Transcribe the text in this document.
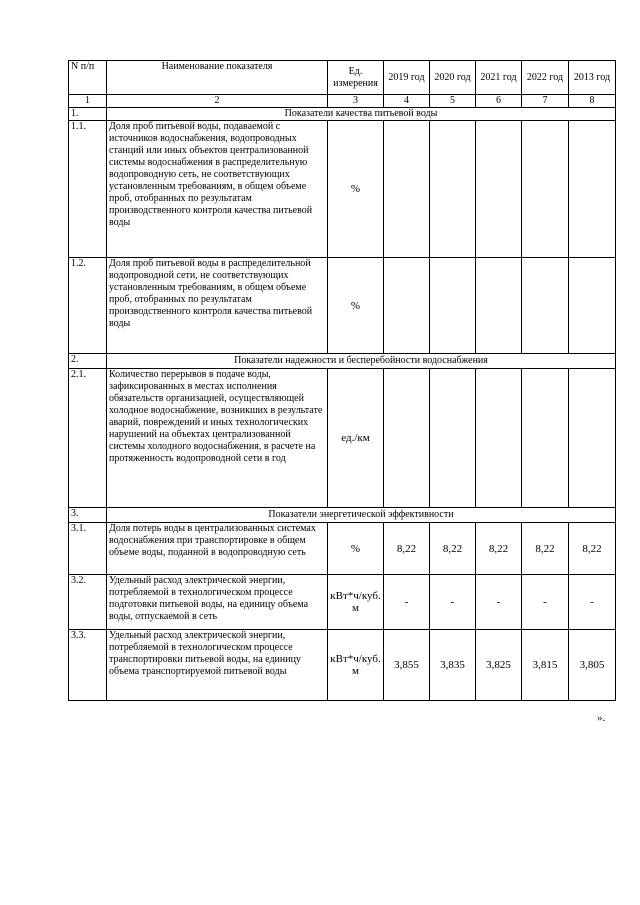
N п/п	Наименование показателя	Ед. измерения	2019 год	2020 год	2021 год	2022 год	2013 год
1	2	3	4	5	6	7	8
1.	Показатели качества питьевой воды						
1.1.	Доля проб питьевой воды, подаваемой с источников водоснабжения, водопроводных станций или иных объектов централизованной системы водоснабжения в распределительную водопроводную сеть, не соответствующих установленным требованиям, в общем объеме проб, отобранных по результатам производственного контроля качества питьевой воды	%					
1.2.	Доля проб питьевой воды в распределительной водопроводной сети, не соответствующих установленным требованиям, в общем объеме проб, отобранных по результатам производственного контроля качества питьевой воды	%					
2.	Показатели надежности и бесперебойности водоснабжения						
2.1.	Количество перерывов в подаче воды, зафиксированных в местах исполнения обязательств организацией, осуществляющей холодное водоснабжение, возникших в результате аварий, повреждений и иных технологических нарушений на объектах централизованной системы холодного водоснабжения, в расчете на протяженность водопроводной сети в год	ед./км					
3.	Показатели энергетической эффективности						
3.1.	Доля потерь воды в централизованных системах водоснабжения при транспортировке в общем объеме воды, поданной в водопроводную сеть	%	8,22	8,22	8,22	8,22	8,22
3.2.	Удельный расход электрической энергии, потребляемой в технологическом процессе подготовки питьевой воды, на единицу объема воды, отпускаемой в сеть	кВт*ч/куб. м	-	-	-	-	-
3.3.	Удельный расход электрической энергии, потребляемой в технологическом процессе транспортировки питьевой воды, на единицу объема транспортируемой питьевой воды	кВт*ч/куб. м	3,855	3,835	3,825	3,815	3,805
».
